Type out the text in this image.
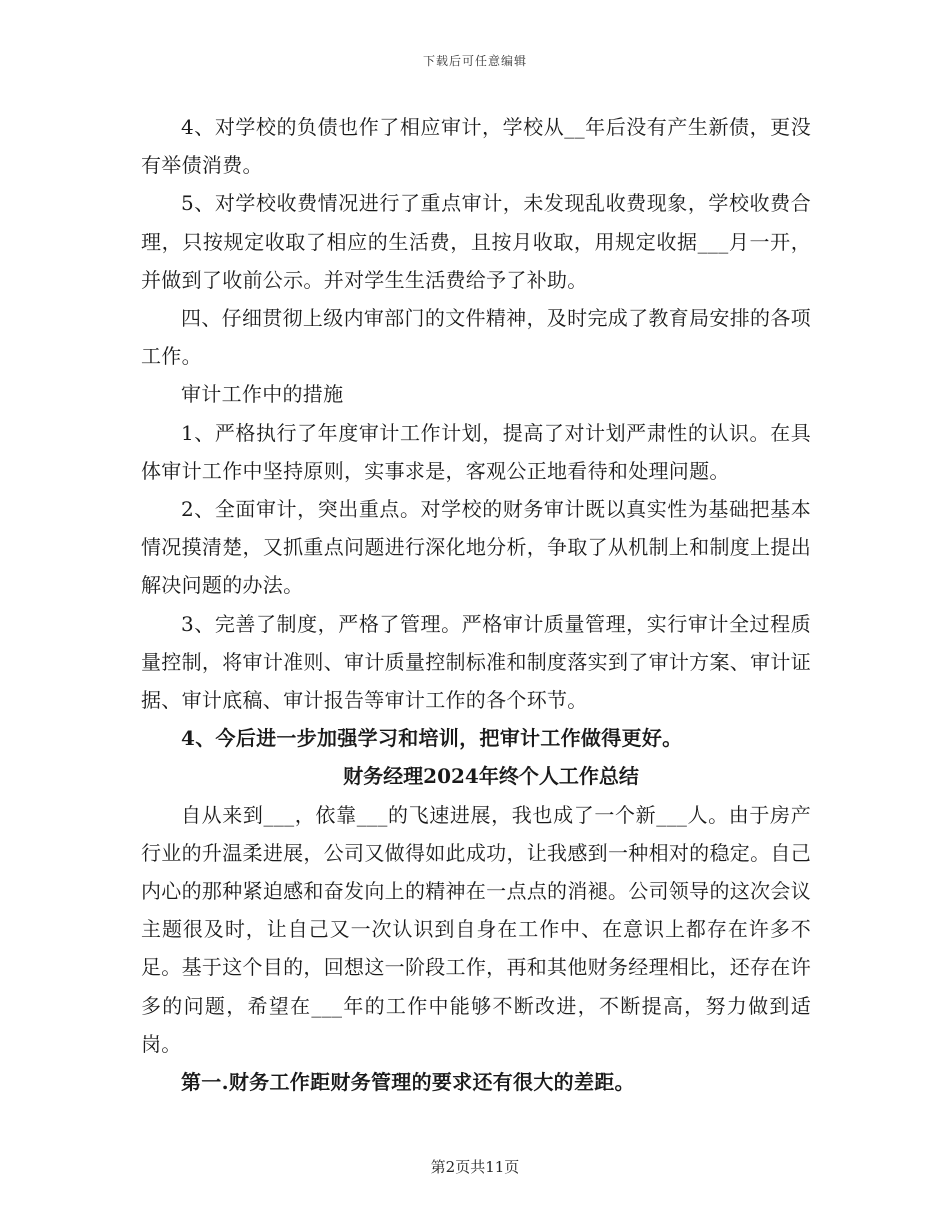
下载后可任意编辑

4、对学校的负债也作了相应审计，学校从__年后没有产生新债，更没有举债消费。

5、对学校收费情况进行了重点审计，未发现乱收费现象，学校收费合理，只按规定收取了相应的生活费，且按月收取，用规定收据___月一开，并做到了收前公示。并对学生生活费给予了补助。

四、仔细贯彻上级内审部门的文件精神，及时完成了教育局安排的各项工作。

审计工作中的措施

1、严格执行了年度审计工作计划，提高了对计划严肃性的认识。在具体审计工作中坚持原则，实事求是，客观公正地看待和处理问题。

2、全面审计，突出重点。对学校的财务审计既以真实性为基础把基本情况摸清楚，又抓重点问题进行深化地分析，争取了从机制上和制度上提出解决问题的办法。

3、完善了制度，严格了管理。严格审计质量管理，实行审计全过程质量控制，将审计准则、审计质量控制标准和制度落实到了审计方案、审计证据、审计底稿、审计报告等审计工作的各个环节。

4、今后进一步加强学习和培训，把审计工作做得更好。

财务经理2024年终个人工作总结

自从来到___，依靠___的飞速进展，我也成了一个新___人。由于房产行业的升温柔进展，公司又做得如此成功，让我感到一种相对的稳定。自己内心的那种紧迫感和奋发向上的精神在一点点的消褪。公司领导的这次会议主题很及时，让自己又一次认识到自身在工作中、在意识上都存在许多不足。基于这个目的，回想这一阶段工作，再和其他财务经理相比，还存在许多的问题，希望在___年的工作中能够不断改进，不断提高，努力做到适岗。

第一.财务工作距财务管理的要求还有很大的差距。

第2页共11页
